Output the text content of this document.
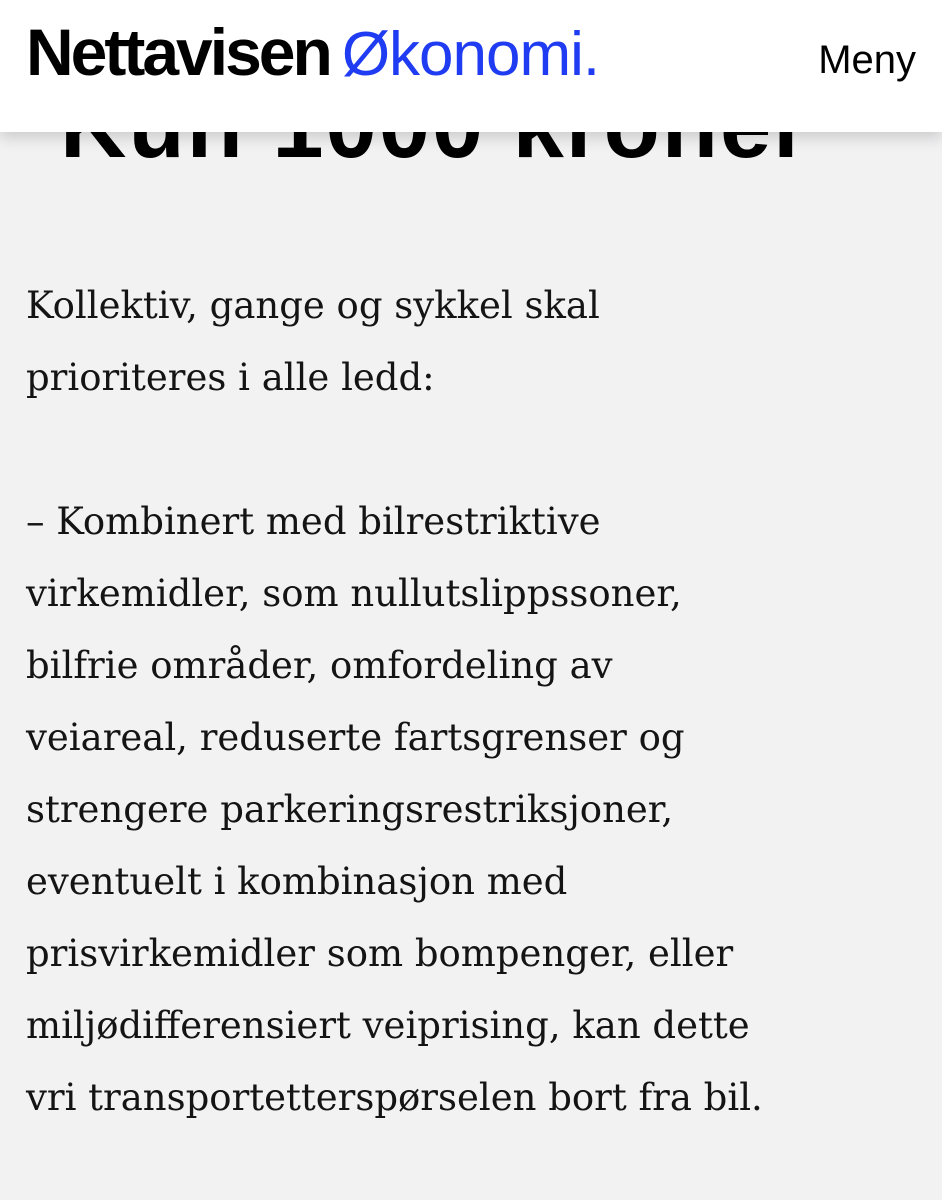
Nettavisen Økonomi.	Meny

Kollektiv, gange og sykkel skal
prioriteres i alle ledd:

– Kombinert med bilrestriktive
virkemidler, som nullutslippssoner,
bilfrie områder, omfordeling av
veiareal, reduserte fartsgrenser og
strengere parkeringsrestriksjoner,
eventuelt i kombinasjon med
prisvirkemidler som bompenger, eller
miljødifferensiert veiprising, kan dette
vri transportetterspørselen bort fra bil.
